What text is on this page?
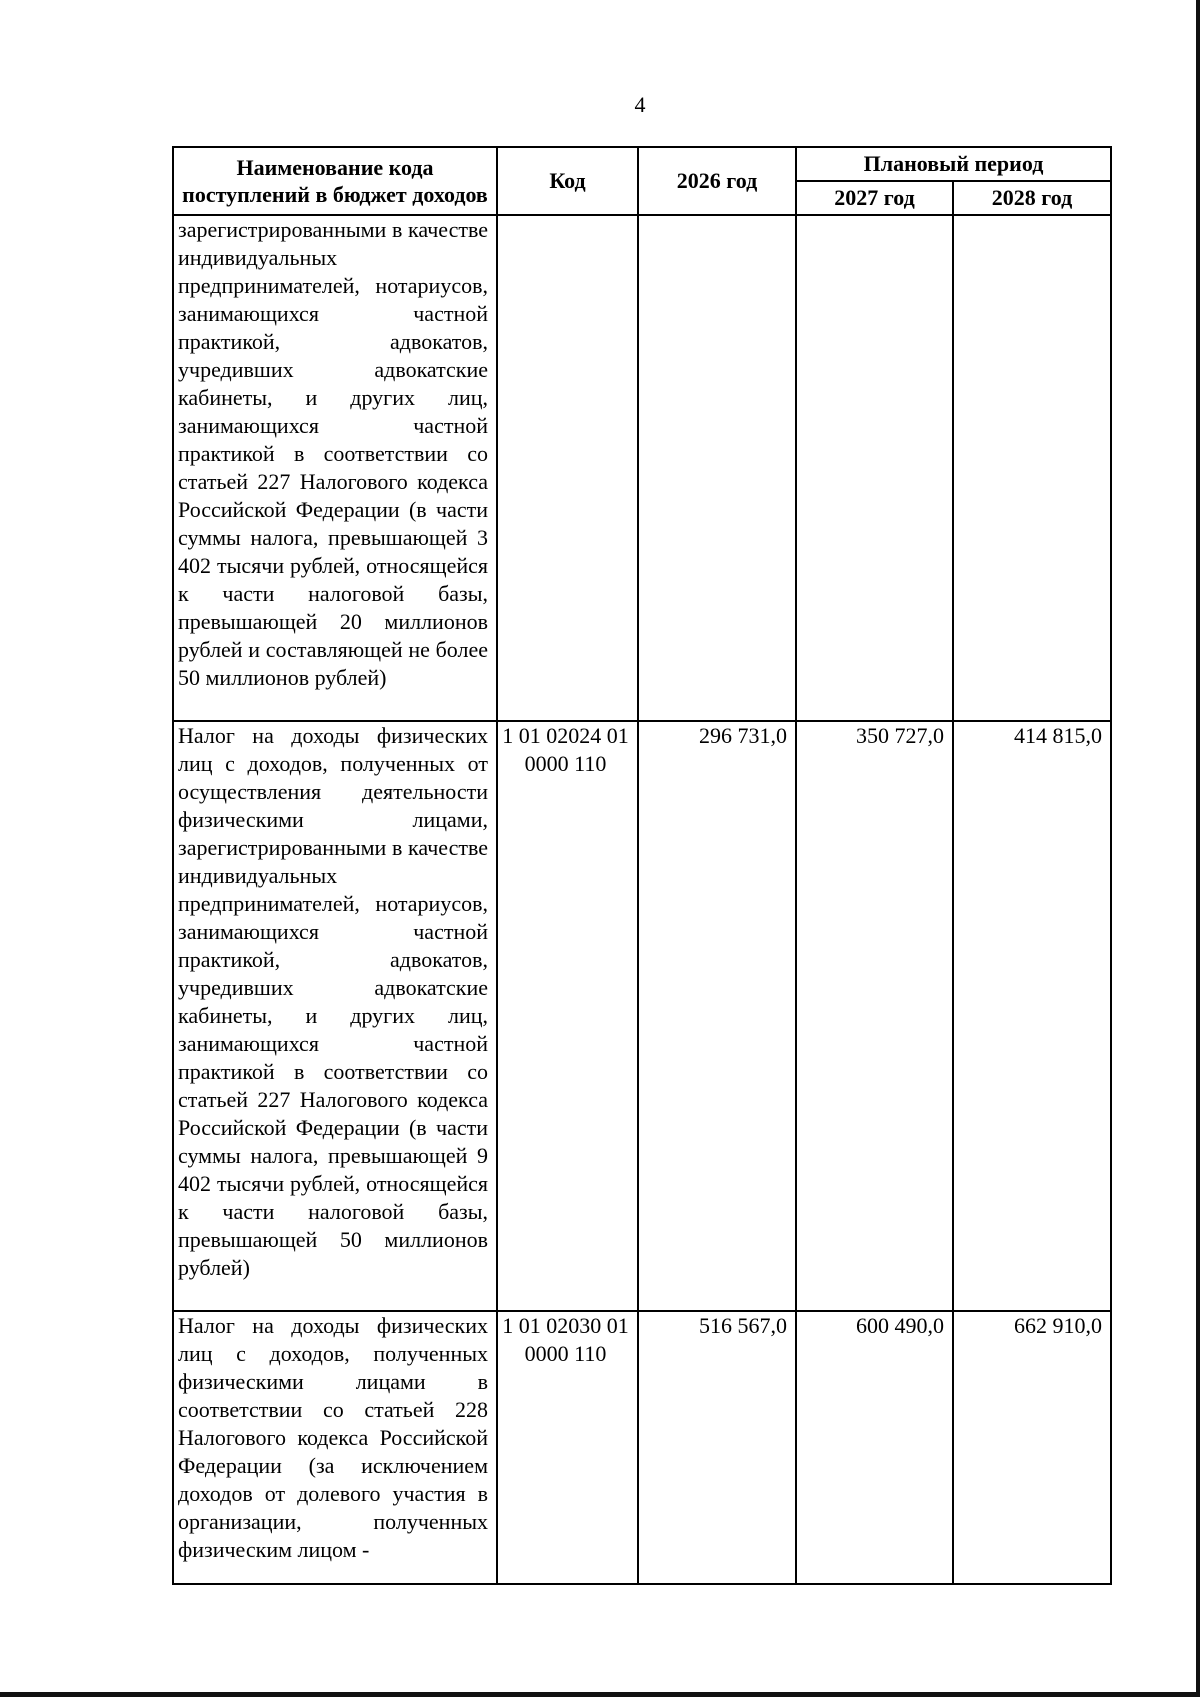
4
Наименование кода поступлений в бюджет доходов	Код	2026 год	Плановый период	
			2027 год	2028 год
зарегистрированными в качестве индивидуальных предпринимателей, нотариусов, занимающихся частной практикой, адвокатов, учредивших адвокатские кабинеты, и других лиц, занимающихся частной практикой в соответствии со статьей 227 Налогового кодекса Российской Федерации (в части суммы налога, превышающей 3 402 тысячи рублей, относящейся к части налоговой базы, превышающей 20 миллионов рублей и составляющей не более 50 миллионов рублей)				
Налог на доходы физических лиц с доходов, полученных от осуществления деятельности физическими лицами, зарегистрированными в качестве индивидуальных предпринимателей, нотариусов, занимающихся частной практикой, адвокатов, учредивших адвокатские кабинеты, и других лиц, занимающихся частной практикой в соответствии со статьей 227 Налогового кодекса Российской Федерации (в части суммы налога, превышающей 9 402 тысячи рублей, относящейся к части налоговой базы, превышающей 50 миллионов рублей)	1 01 02024 01 0000 110	296 731,0	350 727,0	414 815,0
Налог на доходы физических лиц с доходов, полученных физическими лицами в соответствии со статьей 228 Налогового кодекса Российской Федерации (за исключением доходов от долевого участия в организации, полученных физическим лицом -	1 01 02030 01 0000 110	516 567,0	600 490,0	662 910,0
